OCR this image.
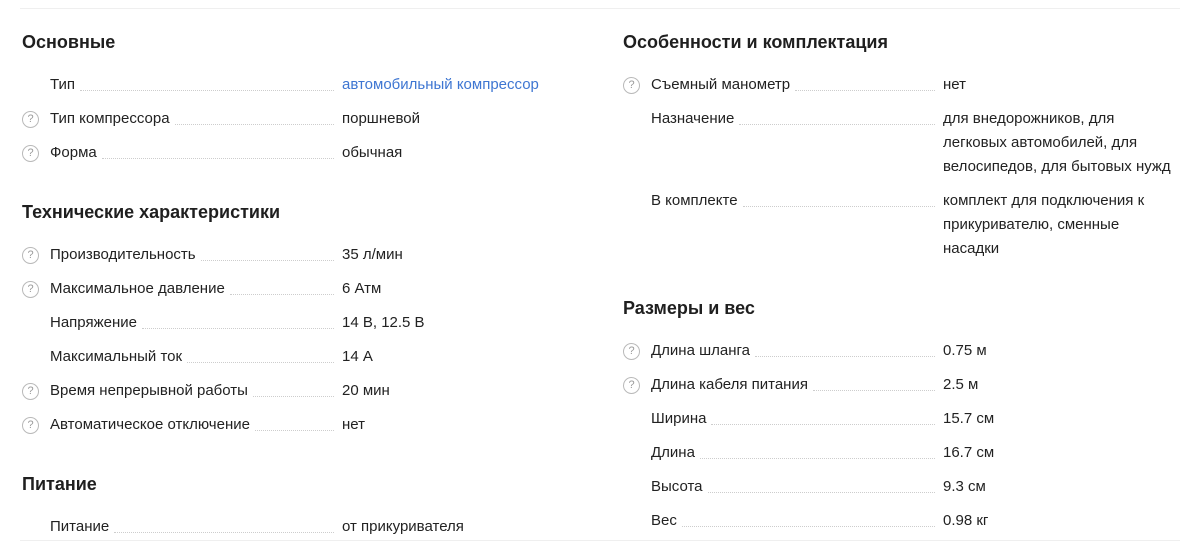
Основные
Тип	автомобильный компрессор
?	Тип компрессора	поршневой
?	Форма	обычная
Технические характеристики
?	Производительность	35 л/мин
?	Максимальное давление	6 Атм
Напряжение	14 В, 12.5 В
Максимальный ток	14 А
?	Время непрерывной работы	20 мин
?	Автоматическое отключение	нет
Питание
Питание	от прикуривателя
Особенности и комплектация
?	Съемный манометр	нет
Назначение	для внедорожников, для легковых автомобилей, для велосипедов, для бытовых нужд
В комплекте	комплект для подключения к прикуривателю, сменные насадки
Размеры и вес
?	Длина шланга	0.75 м
?	Длина кабеля питания	2.5 м
Ширина	15.7 см
Длина	16.7 см
Высота	9.3 см
Вес	0.98 кг
